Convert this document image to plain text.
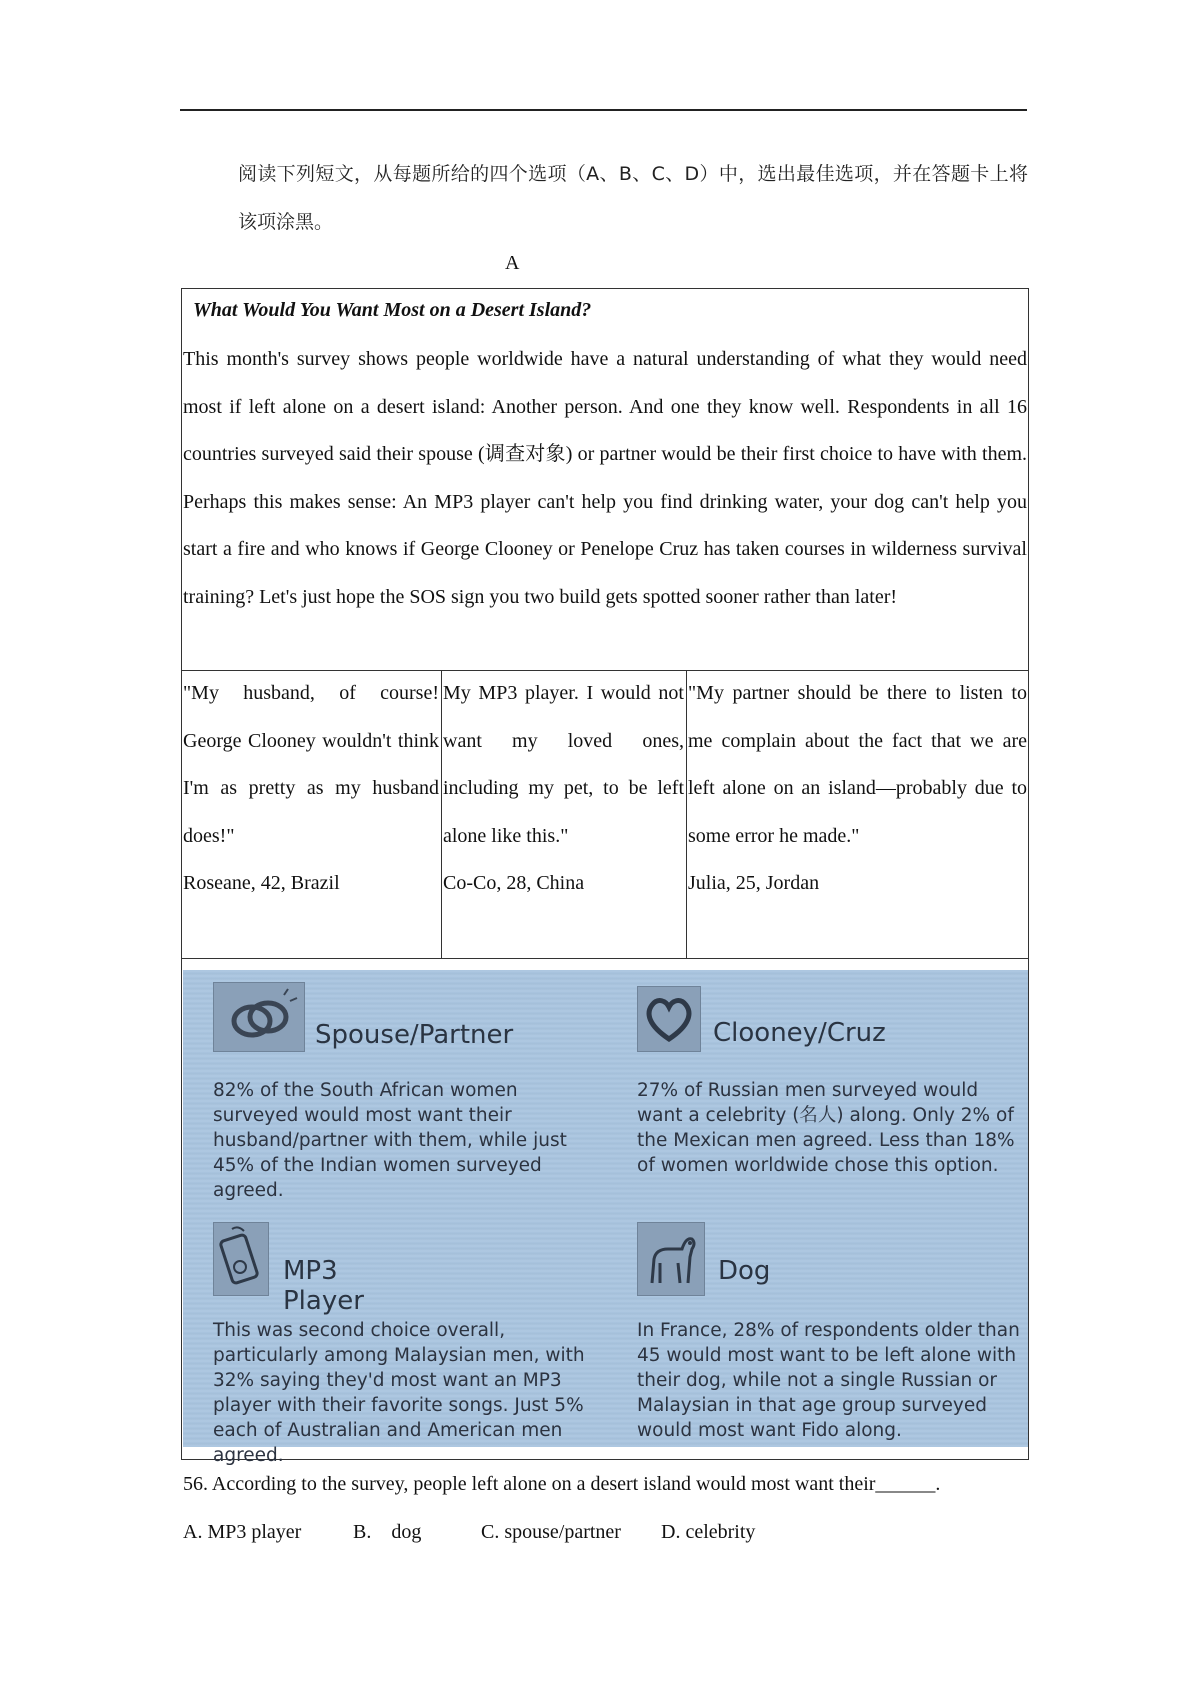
阅读下列短文，从每题所给的四个选项（A、B、C、D）中，选出最佳选项，并在答题卡上将该项涂黑。
A
What Would You Want Most on a Desert Island?
This month's survey shows people worldwide have a natural understanding of what they would need most if left alone on a desert island: Another person. And one they know well. Respondents in all 16 countries surveyed said their spouse (调查对象) or partner would be their first choice to have with them. Perhaps this makes sense: An MP3 player can't help you find drinking water, your dog can't help you start a fire and who knows if George Clooney or Penelope Cruz has taken courses in wilderness survival training? Let's just hope the SOS sign you two build gets spotted sooner rather than later!
"My husband, of course! George Clooney wouldn't think I'm as pretty as my husband does!"
Roseane, 42, Brazil
My MP3 player. I would not want my loved ones, including my pet, to be left alone like this."
Co-Co, 28, China
"My partner should be there to listen to me complain about the fact that we are left alone on an island—probably due to some error he made."
Julia, 25, Jordan
Spouse/Partner
82% of the South African women surveyed would most want their husband/partner with them, while just 45% of the Indian women surveyed agreed.
Clooney/Cruz
27% of Russian men surveyed would want a celebrity (名人) along. Only 2% of the Mexican men agreed. Less than 18% of women worldwide chose this option.
MP3 Player
This was second choice overall, particularly among Malaysian men, with 32% saying they'd most want an MP3 player with their favorite songs. Just 5% each of Australian and American men agreed.
Dog
In France, 28% of respondents older than 45 would most want to be left alone with their dog, while not a single Russian or Malaysian in that age group surveyed would most want Fido along.
56. According to the survey, people left alone on a desert island would most want their______.
A. MP3 player	B.    dog	C. spouse/partner D. celebrity
